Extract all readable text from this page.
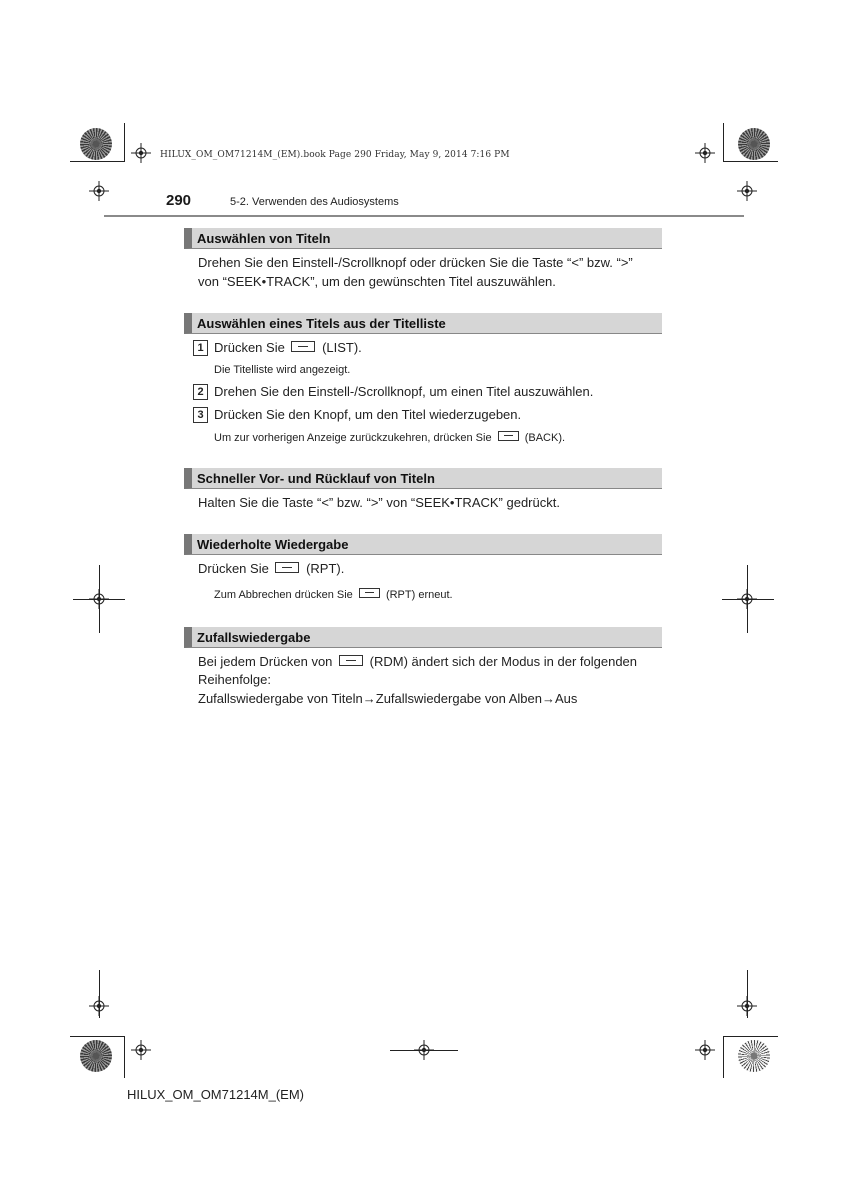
HILUX_OM_OM71214M_(EM).book Page 290 Friday, May 9, 2014 7:16 PM
290	5-2. Verwenden des Audiosystems
Auswählen von Titeln
Drehen Sie den Einstell-/Scrollknopf oder drücken Sie die Taste “<” bzw. “>”
von “SEEK•TRACK”, um den gewünschten Titel auszuwählen.
Auswählen eines Titels aus der Titelliste
1 Drücken Sie	(LIST).
Die Titelliste wird angezeigt.
2 Drehen Sie den Einstell-/Scrollknopf, um einen Titel auszuwählen.
3 Drücken Sie den Knopf, um den Titel wiederzugeben.
Um zur vorherigen Anzeige zurückzukehren, drücken Sie	(BACK).
Schneller Vor- und Rücklauf von Titeln
Halten Sie die Taste “<” bzw. “>” von “SEEK•TRACK” gedrückt.
Wiederholte Wiedergabe
Drücken Sie	(RPT).
Zum Abbrechen drücken Sie	(RPT) erneut.
Zufallswiedergabe
Bei jedem Drücken von	(RDM) ändert sich der Modus in der folgenden
Reihenfolge:
Zufallswiedergabe von Titeln→Zufallswiedergabe von Alben→Aus
HILUX_OM_OM71214M_(EM)
